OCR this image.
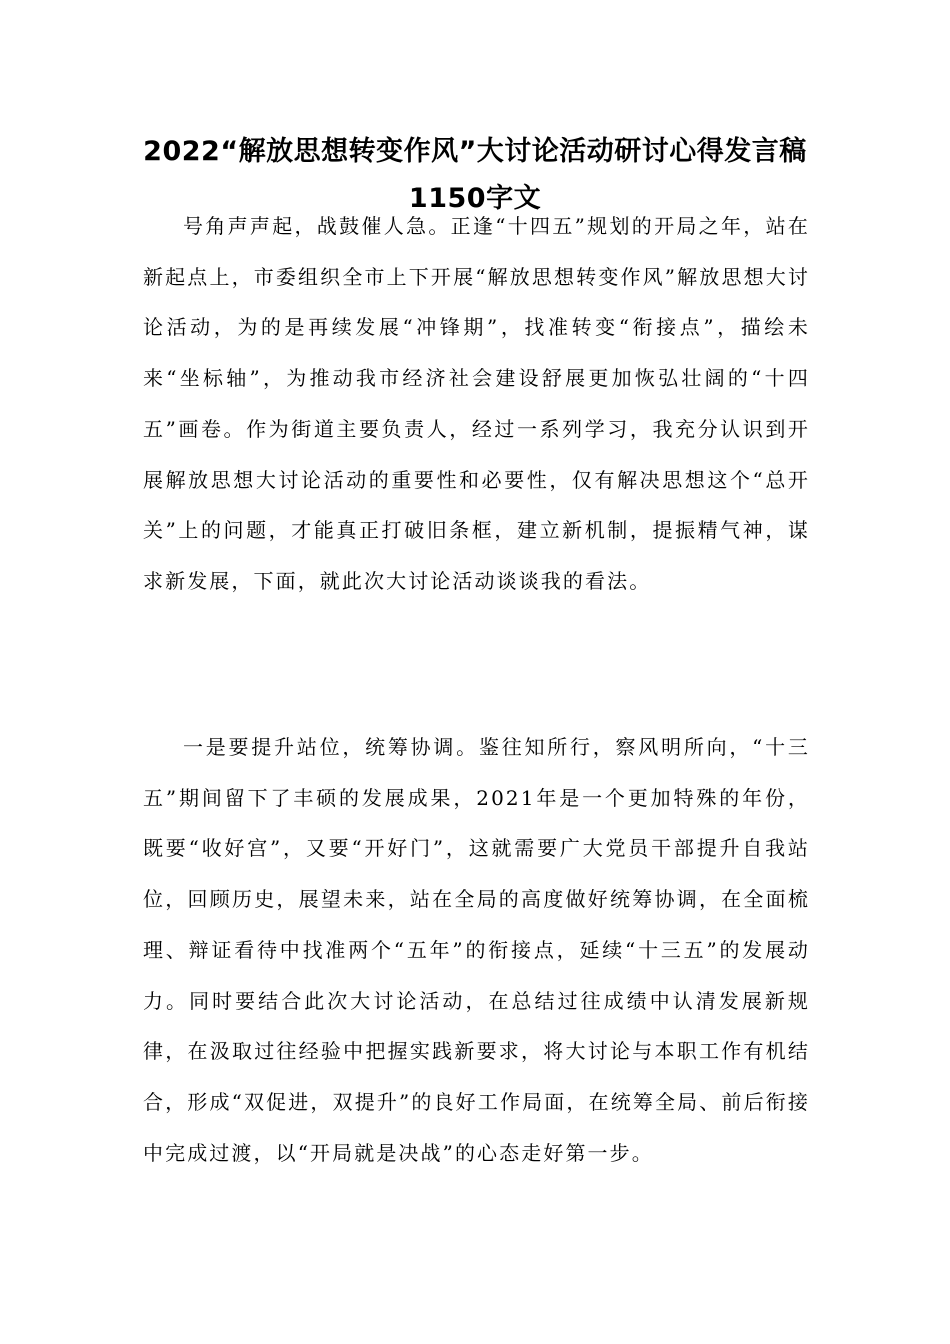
2022“解放思想转变作风”大讨论活动研讨心得发言稿1150字文

号角声声起，战鼓催人急。正逢“十四五”规划的开局之年，站在新起点上，市委组织全市上下开展“解放思想转变作风”解放思想大讨论活动，为的是再续发展“冲锋期”，找准转变“衔接点”，描绘未来“坐标轴”，为推动我市经济社会建设舒展更加恢弘壮阔的“十四五”画卷。作为街道主要负责人，经过一系列学习，我充分认识到开展解放思想大讨论活动的重要性和必要性，仅有解决思想这个“总开关”上的问题，才能真正打破旧条框，建立新机制，提振精气神，谋求新发展，下面，就此次大讨论活动谈谈我的看法。

一是要提升站位，统筹协调。鉴往知所行，察风明所向，“十三五”期间留下了丰硕的发展成果，2021年是一个更加特殊的年份，既要“收好宫”，又要“开好门”，这就需要广大党员干部提升自我站位，回顾历史，展望未来，站在全局的高度做好统筹协调，在全面梳理、辩证看待中找准两个“五年”的衔接点，延续“十三五”的发展动力。同时要结合此次大讨论活动，在总结过往成绩中认清发展新规律，在汲取过往经验中把握实践新要求，将大讨论与本职工作有机结合，形成“双促进，双提升”的良好工作局面，在统筹全局、前后衔接中完成过渡，以“开局就是决战”的心态走好第一步。
